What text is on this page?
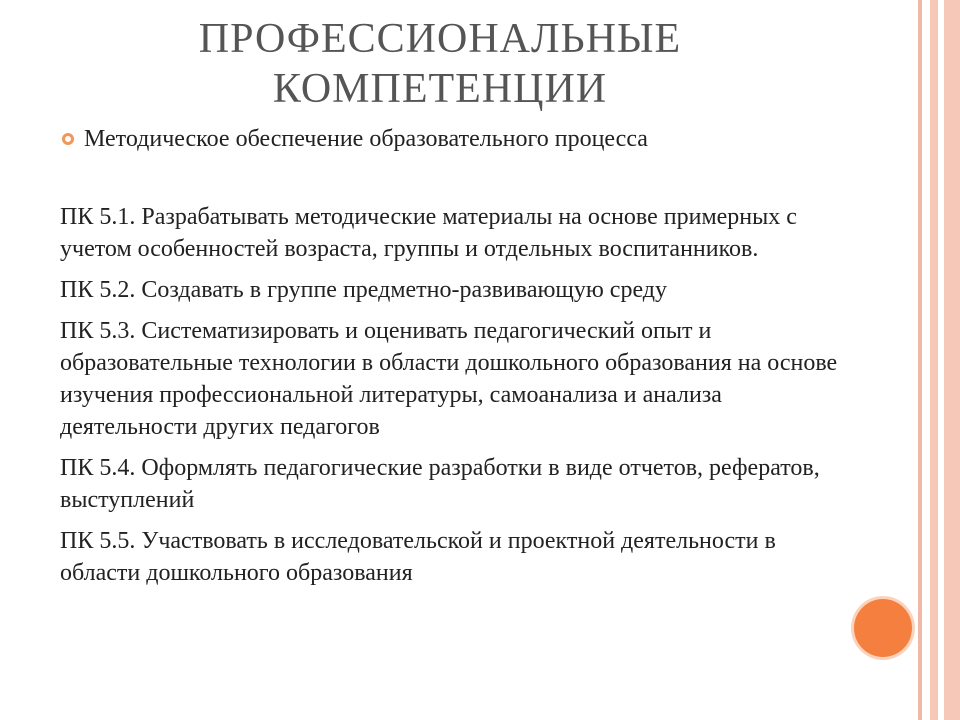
ПРОФЕССИОНАЛЬНЫЕ
КОМПЕТЕНЦИИ
Методическое обеспечение образовательного процесса

ПК 5.1. Разрабатывать методические материалы на основе примерных с учетом особенностей возраста, группы и отдельных воспитанников.

ПК 5.2. Создавать в группе предметно-развивающую среду

ПК 5.3. Систематизировать и оценивать педагогический опыт и образовательные технологии в области дошкольного образования на основе изучения профессиональной литературы, самоанализа и анализа деятельности других педагогов

ПК 5.4. Оформлять педагогические разработки в виде отчетов, рефератов, выступлений

ПК 5.5. Участвовать в исследовательской и проектной деятельности в области дошкольного образования
